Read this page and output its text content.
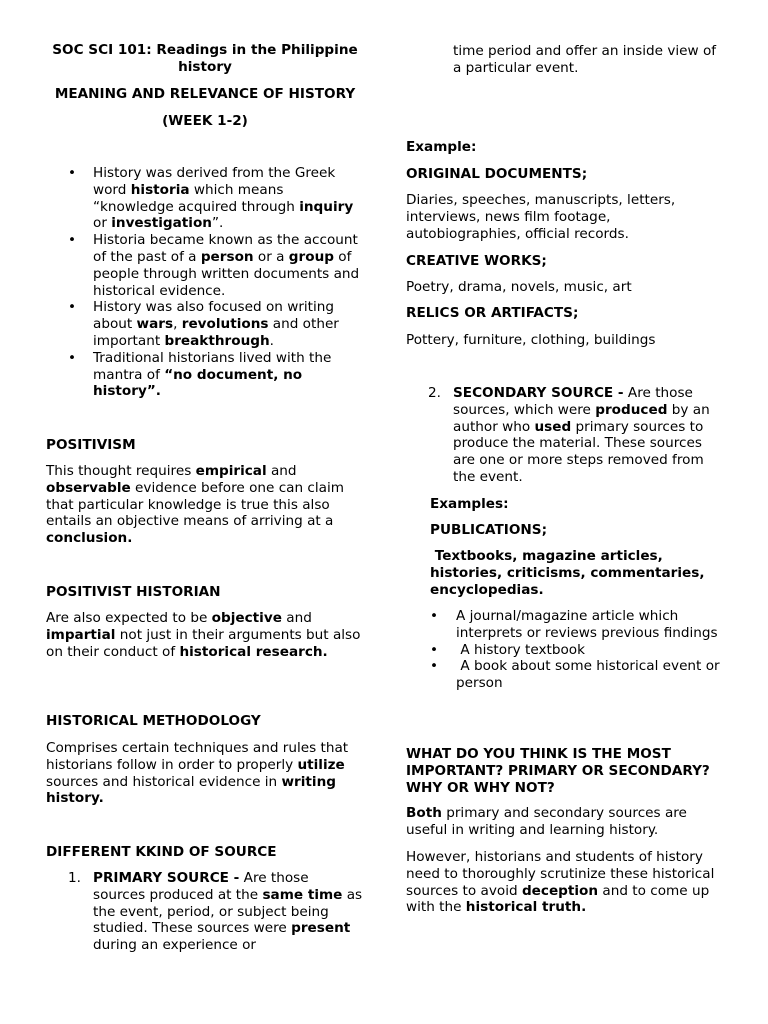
SOC SCI 101: Readings in the Philippine history

MEANING AND RELEVANCE OF HISTORY

(WEEK 1-2)

• History was derived from the Greek word historia which means “knowledge acquired through inquiry or investigation”.
• Historia became known as the account of the past of a person or a group of people through written documents and historical evidence.
• History was also focused on writing about wars, revolutions and other important breakthrough.
• Traditional historians lived with the mantra of “no document, no history”.

POSITIVISM

This thought requires empirical and observable evidence before one can claim that particular knowledge is true this also entails an objective means of arriving at a conclusion.

POSITIVIST HISTORIAN

Are also expected to be objective and impartial not just in their arguments but also on their conduct of historical research.

HISTORICAL METHODOLOGY

Comprises certain techniques and rules that historians follow in order to properly utilize sources and historical evidence in writing history.

DIFFERENT KKIND OF SOURCE

1. PRIMARY SOURCE - Are those sources produced at the same time as the event, period, or subject being studied. These sources were present during an experience or

time period and offer an inside view of a particular event.

Example:

ORIGINAL DOCUMENTS;

Diaries, speeches, manuscripts, letters, interviews, news film footage, autobiographies, official records.

CREATIVE WORKS;

Poetry, drama, novels, music, art

RELICS OR ARTIFACTS;

Pottery, furniture, clothing, buildings

2. SECONDARY SOURCE - Are those sources, which were produced by an author who used primary sources to produce the material. These sources are one or more steps removed from the event.

Examples:

PUBLICATIONS;

Textbooks, magazine articles, histories, criticisms, commentaries, encyclopedias.

• A journal/magazine article which interprets or reviews previous findings
• A history textbook
• A book about some historical event or person

WHAT DO YOU THINK IS THE MOST IMPORTANT? PRIMARY OR SECONDARY? WHY OR WHY NOT?

Both primary and secondary sources are useful in writing and learning history.

However, historians and students of history need to thoroughly scrutinize these historical sources to avoid deception and to come up with the historical truth.
